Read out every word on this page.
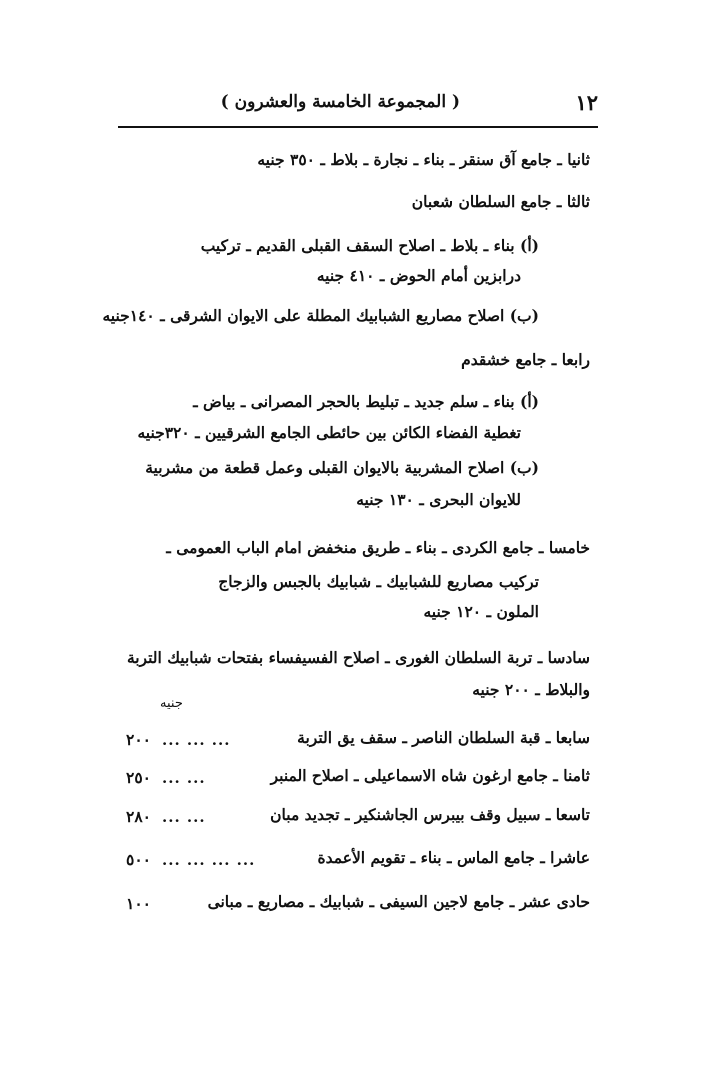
١٢
( المجموعة الخامسة والعشرون )
ثانيا ـ جامع آق سنقر ـ بناء ـ نجارة ـ بلاط ـ ٣٥٠ جنيه
ثالثا ـ جامع السلطان شعبان
(أ) بناء ـ بلاط ـ اصلاح السقف القبلى القديم ـ تركيب
درابزين أمام الحوض ـ ٤١٠ جنيه
(ب) اصلاح مصاريع الشبابيك المطلة على الايوان الشرقى ـ ١٤٠جنيه
رابعا ـ جامع خشقدم
(أ) بناء ـ سلم جديد ـ تبليط بالحجر المصرانى ـ بياض ـ
تغطية الفضاء الكائن بين حائطى الجامع الشرقيين ـ ٣٢٠جنيه
(ب) اصلاح المشربية بالايوان القبلى وعمل قطعة من مشربية
للايوان البحرى ـ ١٣٠ جنيه
خامسا ـ جامع الكردى ـ بناء ـ طريق منخفض امام الباب العمومى ـ
تركيب مصاريع للشبابيك ـ شبابيك بالجبس والزجاج
الملون ـ ١٢٠ جنيه
سادسا ـ تربة السلطان الغورى ـ اصلاح الفسيفساء بفتحات شبابيك التربة
والبلاط ـ ٢٠٠ جنيه
جنيه
سابعا ـ قبة السلطان الناصر ـ سقف يق التربة
... ... ...
٢٠٠
ثامنا ـ جامع ارغون شاه الاسماعيلى ـ اصلاح المنبر
... ...
٢٥٠
تاسعا ـ سبيل وقف بيبرس الجاشنكير ـ تجديد مبان
... ...
٢٨٠
عاشرا ـ جامع الماس ـ بناء ـ تقويم الأعمدة
... ... ... ...
٥٠٠
حادى عشر ـ جامع لاجين السيفى ـ شبابيك ـ مصاريع ـ مبانى
١٠٠
